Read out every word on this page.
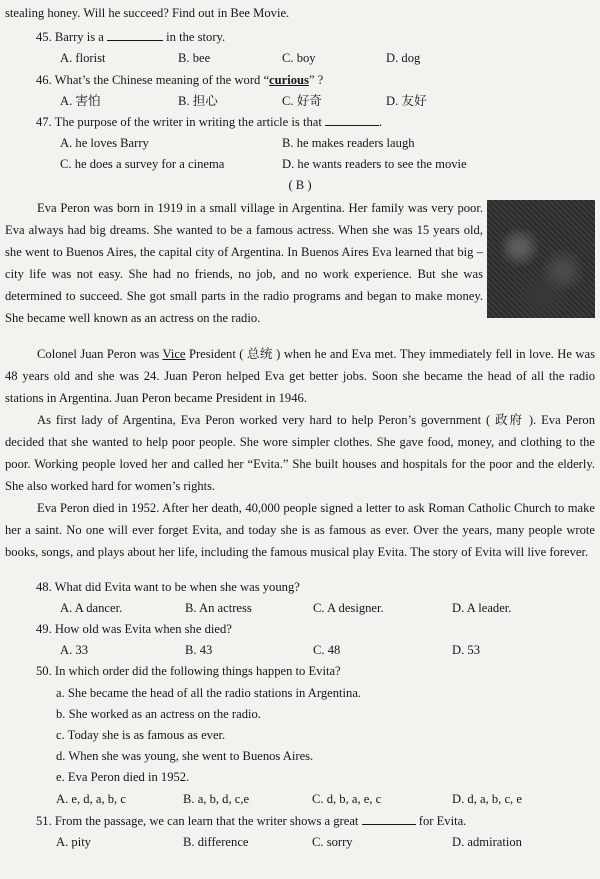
stealing honey. Will he succeed? Find out in Bee Movie.
45. Barry is a	in the story.
A. florist	B. bee	C. boy	D. dog
46. What’s the Chinese meaning of the word “curious” ?
A. 害怕	B. 担心	C. 好奇	D. 友好
47. The purpose of the writer in writing the article is that	.
A. he loves Barry	B. he makes readers laugh
C. he does a survey for a cinema	D. he wants readers to see the movie
( B )

Eva Peron was born in 1919 in a small village in Argentina. Her family was very poor. Eva always had big dreams. She wanted to be a famous actress. When she was 15 years old, she went to Buenos Aires, the capital city of Argentina. In Buenos Aires Eva learned that big – city life was not easy. She had no friends, no job, and no work experience. But she was determined to succeed. She got small parts in the radio programs and began to make money. She became well known as an actress on the radio.

Colonel Juan Peron was Vice President ( 总统 ) when he and Eva met. They immediately fell in love. He was 48 years old and she was 24. Juan Peron helped Eva get better jobs. Soon she became the head of all the radio stations in Argentina. Juan Peron became President in 1946.

As first lady of Argentina, Eva Peron worked very hard to help Peron’s government ( 政府 ). Eva Peron decided that she wanted to help poor people. She wore simpler clothes. She gave food, money, and clothing to the poor. Working people loved her and called her “Evita.” She built houses and hospitals for the poor and the elderly. She also worked hard for women’s rights.

Eva Peron died in 1952. After her death, 40,000 people signed a letter to ask Roman Catholic Church to make her a saint. No one will ever forget Evita, and today she is as famous as ever. Over the years, many people wrote books, songs, and plays about her life, including the famous musical play Evita. The story of Evita will live forever.

48. What did Evita want to be when she was young?
A. A dancer.	B. An actress	C. A designer.	D. A leader.
49. How old was Evita when she died?
A. 33	B. 43	C. 48	D. 53
50. In which order did the following things happen to Evita?
a. She became the head of all the radio stations in Argentina.
b. She worked as an actress on the radio.
c. Today she is as famous as ever.
d. When she was young, she went to Buenos Aires.
e. Eva Peron died in 1952.
A. e, d, a, b, c	B. a, b, d, c,e	C. d, b, a, e, c	D. d, a, b, c, e
51. From the passage, we can learn that the writer shows a great	for Evita.
A. pity	B. difference	C. sorry	D. admiration
